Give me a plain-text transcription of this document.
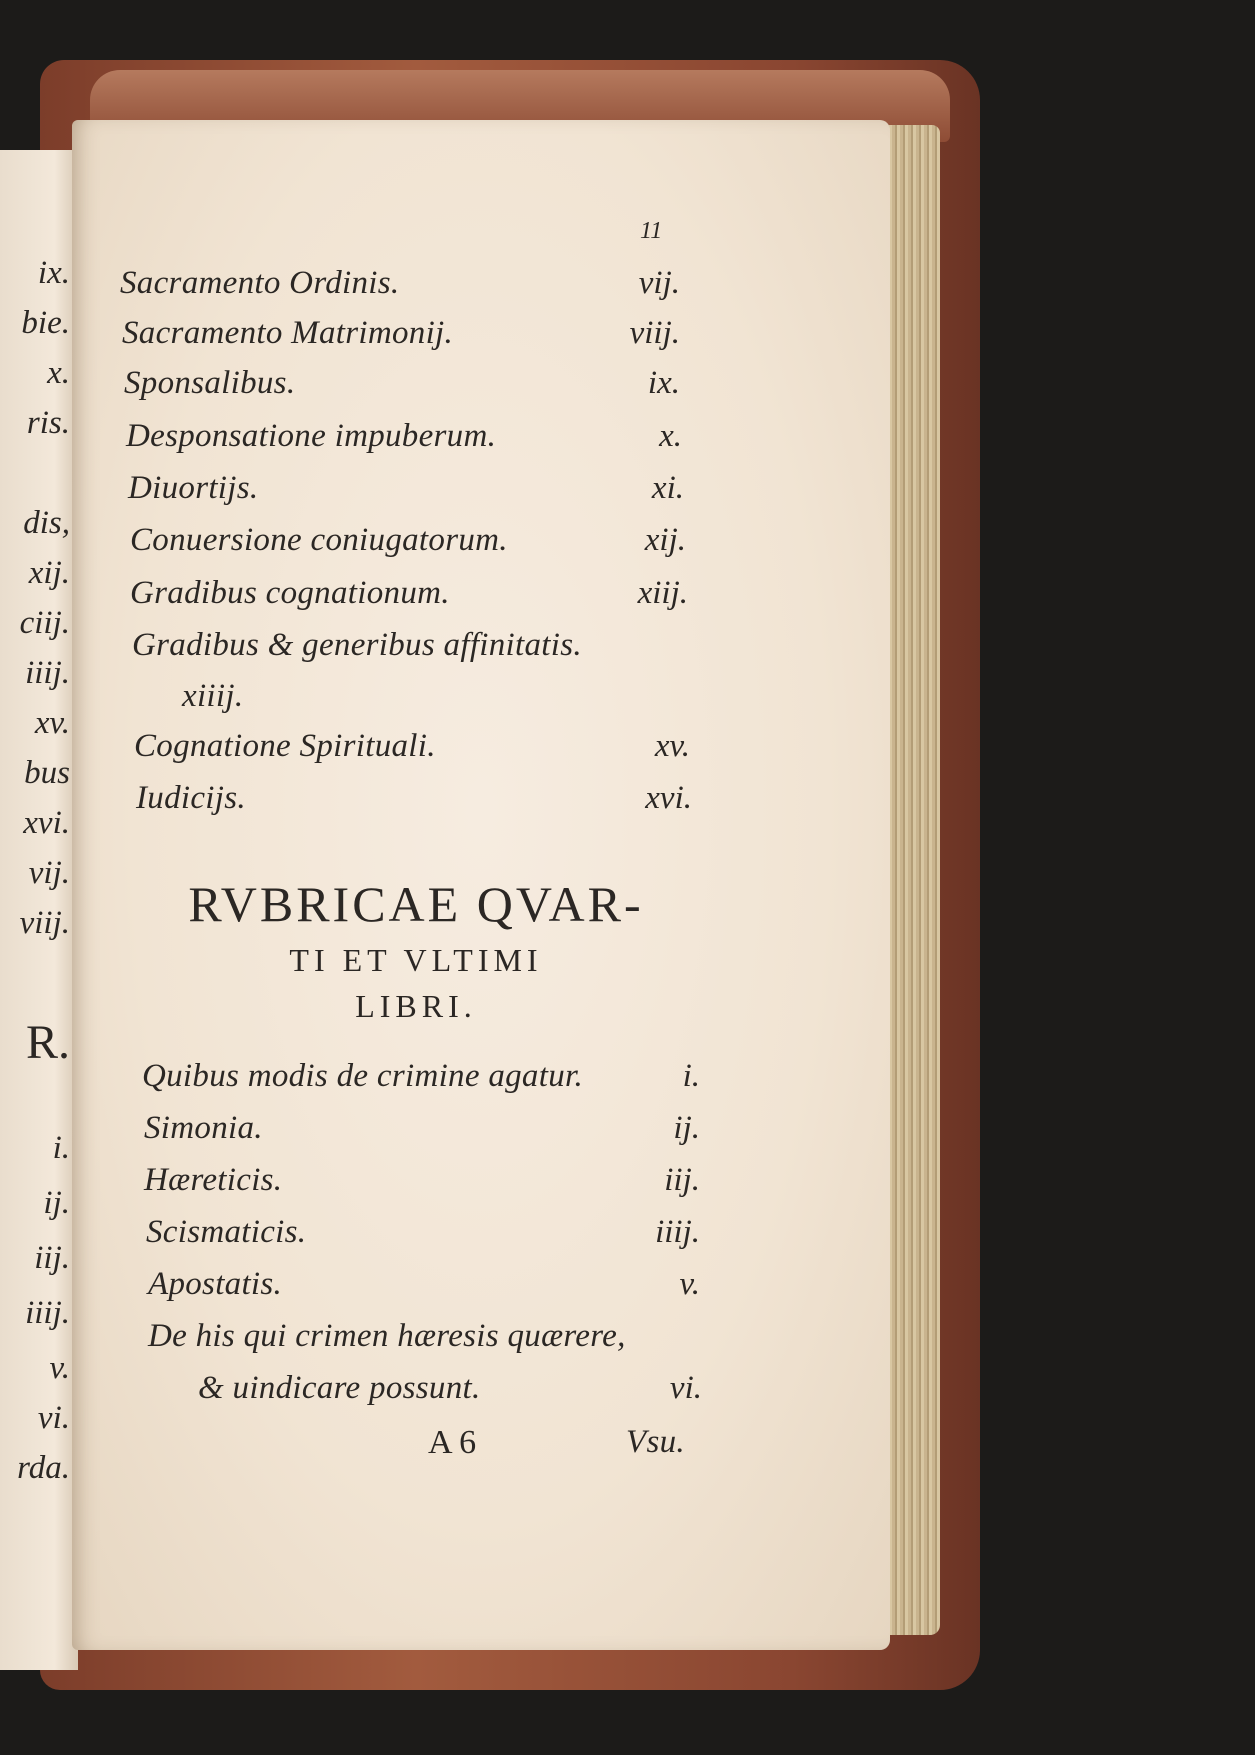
ix.
bie.
x.
ris.
dis,
xij.
ciij.
iiij.
xv.
bus
xvi.
vij.
viij.
R.
i.
ij.
iij.
iiij.
v.
vi.
rda.
11
Sacramento Ordinis.	vij.
Sacramento Matrimonij.	viij.
Sponsalibus.	ix.
Desponsatione impuberum.	x.
Diuortijs.	xi.
Conuersione coniugatorum.	xij.
Gradibus cognationum.	xiij.
Gradibus & generibus affinitatis.
xiiij.
Cognatione Spirituali.	xv.
Iudicijs.	xvi.
RVBRICAE QVAR-
TI ET VLTIMI
LIBRI.
Quibus modis de crimine agatur.	i.
Simonia.	ij.
Hæreticis.	iij.
Scismaticis.	iiij.
Apostatis.	v.
De his qui crimen hæresis quærere,
& uindicare possunt.	vi.
A 6	Vsu.
